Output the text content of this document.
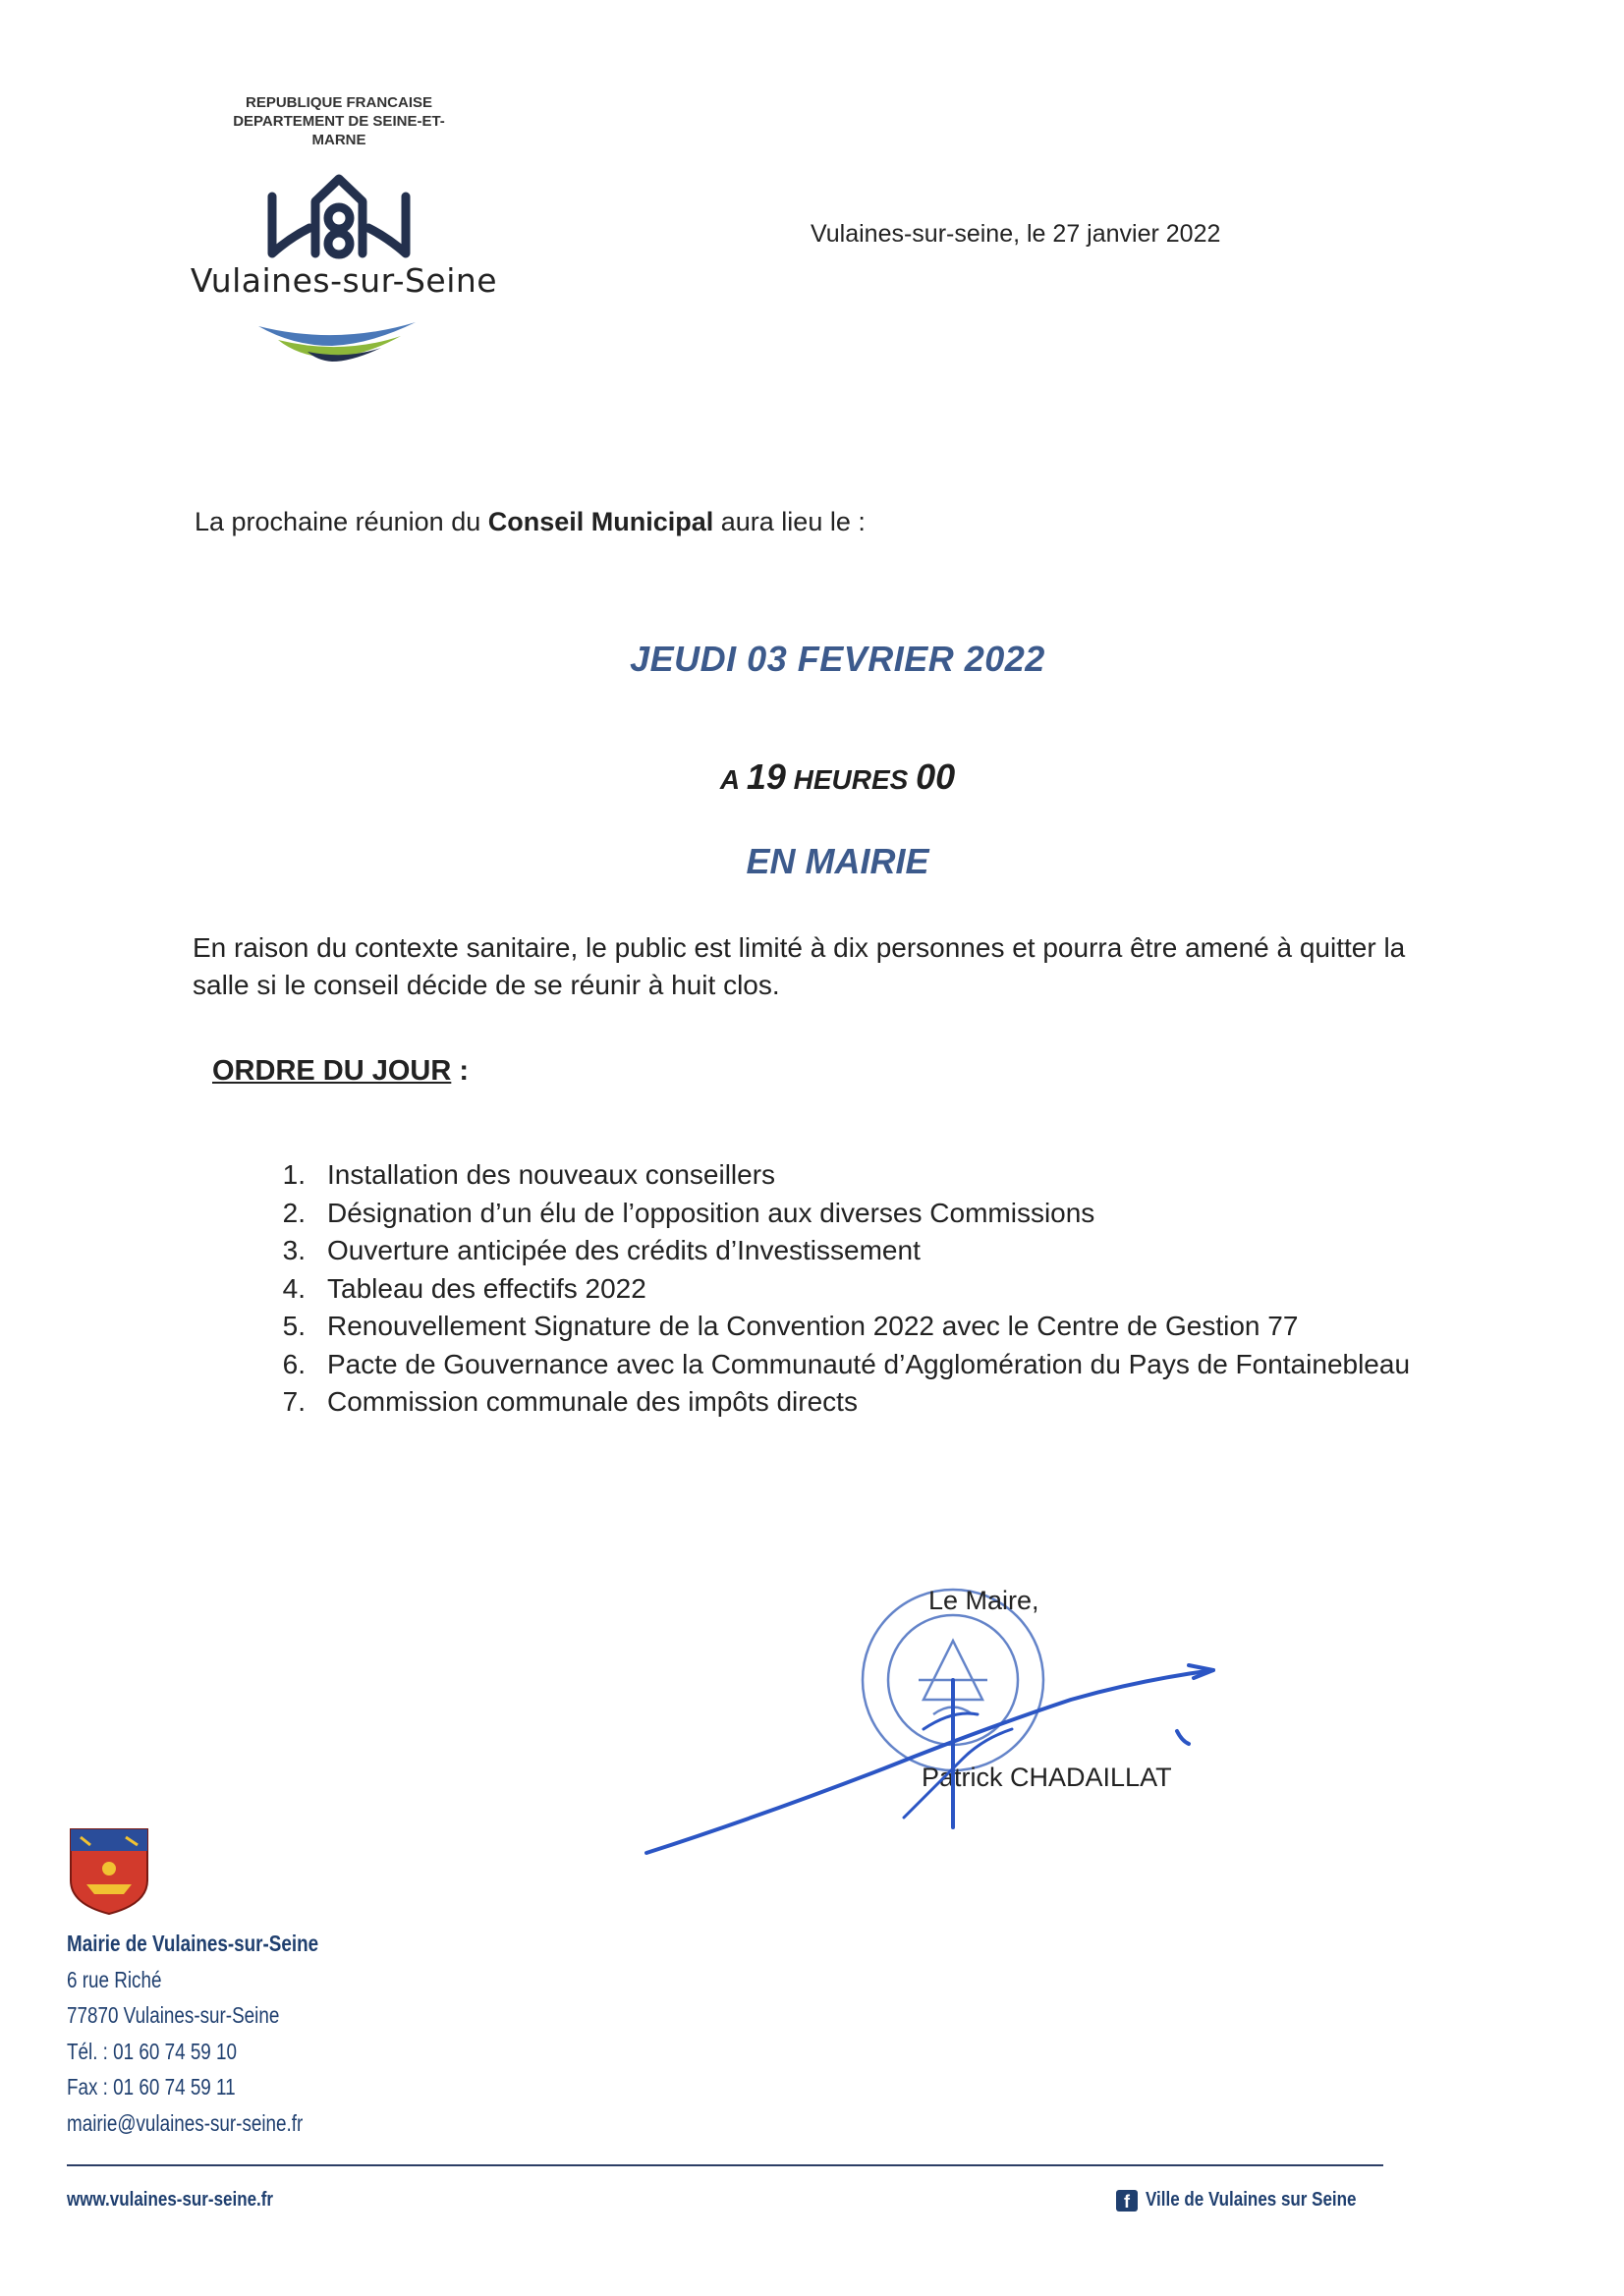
REPUBLIQUE FRANCAISE
DEPARTEMENT DE SEINE-ET-
MARNE
Vulaines-sur-Seine
Vulaines-sur-seine, le 27 janvier 2022
La prochaine réunion du Conseil Municipal aura lieu le :
JEUDI 03 FEVRIER 2022
A 19 HEURES 00
EN MAIRIE
En raison du contexte sanitaire, le public est limité à dix personnes et pourra être amené à quitter la salle si le conseil décide de se réunir à huit clos.
ORDRE DU JOUR :
1. Installation des nouveaux conseillers
2. Désignation d’un élu de l’opposition aux diverses Commissions
3. Ouverture anticipée des crédits d’Investissement
4. Tableau des effectifs 2022
5. Renouvellement Signature de la Convention 2022 avec le Centre de Gestion 77
6. Pacte de Gouvernance avec la Communauté d’Agglomération du Pays de Fontainebleau
7. Commission communale des impôts directs
Le Maire,
Patrick CHADAILLAT
Mairie de Vulaines-sur-Seine
6 rue Riché
77870 Vulaines-sur-Seine
Tél. : 01 60 74 59 10
Fax : 01 60 74 59 11
mairie@vulaines-sur-seine.fr
www.vulaines-sur-seine.fr	f Ville de Vulaines sur Seine
